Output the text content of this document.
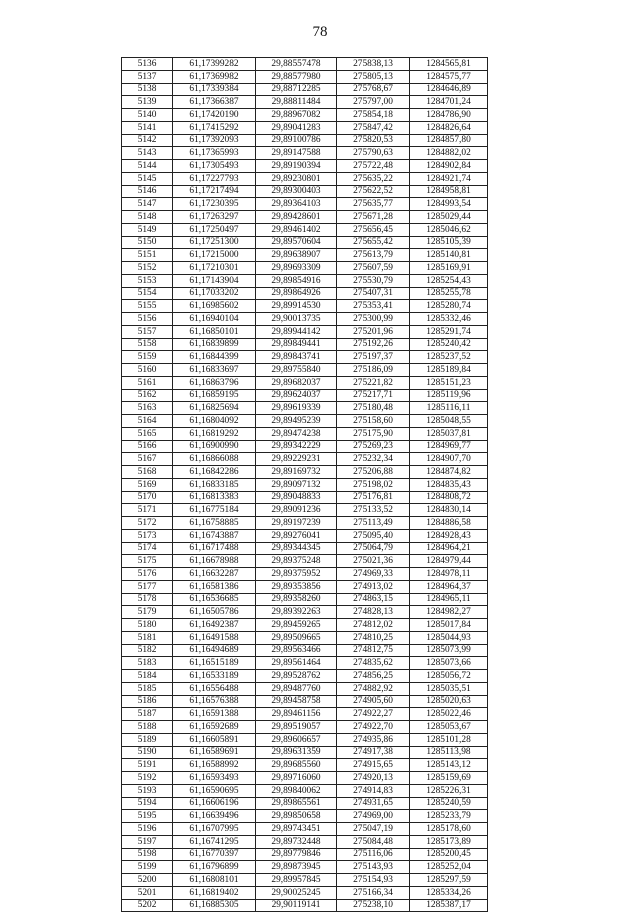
78
5136	61,17399282	29,88557478	275838,13	1284565,81
5137	61,17369982	29,88577980	275805,13	1284575,77
5138	61,17339384	29,88712285	275768,67	1284646,89
5139	61,17366387	29,88811484	275797,00	1284701,24
5140	61,17420190	29,88967082	275854,18	1284786,90
5141	61,17415292	29,89041283	275847,42	1284826,64
5142	61,17392093	29,89100786	275820,53	1284857,80
5143	61,17365993	29,89147588	275790,63	1284882,02
5144	61,17305493	29,89190394	275722,48	1284902,84
5145	61,17227793	29,89230801	275635,22	1284921,74
5146	61,17217494	29,89300403	275622,52	1284958,81
5147	61,17230395	29,89364103	275635,77	1284993,54
5148	61,17263297	29,89428601	275671,28	1285029,44
5149	61,17250497	29,89461402	275656,45	1285046,62
5150	61,17251300	29,89570604	275655,42	1285105,39
5151	61,17215000	29,89638907	275613,79	1285140,81
5152	61,17210301	29,89693309	275607,59	1285169,91
5153	61,17143904	29,89854916	275530,79	1285254,43
5154	61,17033202	29,89864926	275407,31	1285255,78
5155	61,16985602	29,89914530	275353,41	1285280,74
5156	61,16940104	29,90013735	275300,99	1285332,46
5157	61,16850101	29,89944142	275201,96	1285291,74
5158	61,16839899	29,89849441	275192,26	1285240,42
5159	61,16844399	29,89843741	275197,37	1285237,52
5160	61,16833697	29,89755840	275186,09	1285189,84
5161	61,16863796	29,89682037	275221,82	1285151,23
5162	61,16859195	29,89624037	275217,71	1285119,96
5163	61,16825694	29,89619339	275180,48	1285116,11
5164	61,16804092	29,89495239	275158,60	1285048,55
5165	61,16819292	29,89474238	275175,90	1285037,81
5166	61,16900990	29,89342229	275269,23	1284969,77
5167	61,16866088	29,89229231	275232,34	1284907,70
5168	61,16842286	29,89169732	275206,88	1284874,82
5169	61,16833185	29,89097132	275198,02	1284835,43
5170	61,16813383	29,89048833	275176,81	1284808,72
5171	61,16775184	29,89091236	275133,52	1284830,14
5172	61,16758885	29,89197239	275113,49	1284886,58
5173	61,16743887	29,89276041	275095,40	1284928,43
5174	61,16717488	29,89344345	275064,79	1284964,21
5175	61,16678988	29,89375248	275021,36	1284979,44
5176	61,16632287	29,89375952	274969,33	1284978,11
5177	61,16581386	29,89353856	274913,02	1284964,37
5178	61,16536685	29,89358260	274863,15	1284965,11
5179	61,16505786	29,89392263	274828,13	1284982,27
5180	61,16492387	29,89459265	274812,02	1285017,84
5181	61,16491588	29,89509665	274810,25	1285044,93
5182	61,16494689	29,89563466	274812,75	1285073,99
5183	61,16515189	29,89561464	274835,62	1285073,66
5184	61,16533189	29,89528762	274856,25	1285056,72
5185	61,16556488	29,89487760	274882,92	1285035,51
5186	61,16576388	29,89458758	274905,60	1285020,63
5187	61,16591388	29,89461156	274922,27	1285022,46
5188	61,16592689	29,89519057	274922,70	1285053,67
5189	61,16605891	29,89606657	274935,86	1285101,28
5190	61,16589691	29,89631359	274917,38	1285113,98
5191	61,16588992	29,89685560	274915,65	1285143,12
5192	61,16593493	29,89716060	274920,13	1285159,69
5193	61,16590695	29,89840062	274914,83	1285226,31
5194	61,16606196	29,89865561	274931,65	1285240,59
5195	61,16639496	29,89850658	274969,00	1285233,79
5196	61,16707995	29,89743451	275047,19	1285178,60
5197	61,16741295	29,89732448	275084,48	1285173,89
5198	61,16770397	29,89779846	275116,06	1285200,45
5199	61,16796899	29,89873945	275143,93	1285252,04
5200	61,16808101	29,89957845	275154,93	1285297,59
5201	61,16819402	29,90025245	275166,34	1285334,26
5202	61,16885305	29,90119141	275238,10	1285387,17
